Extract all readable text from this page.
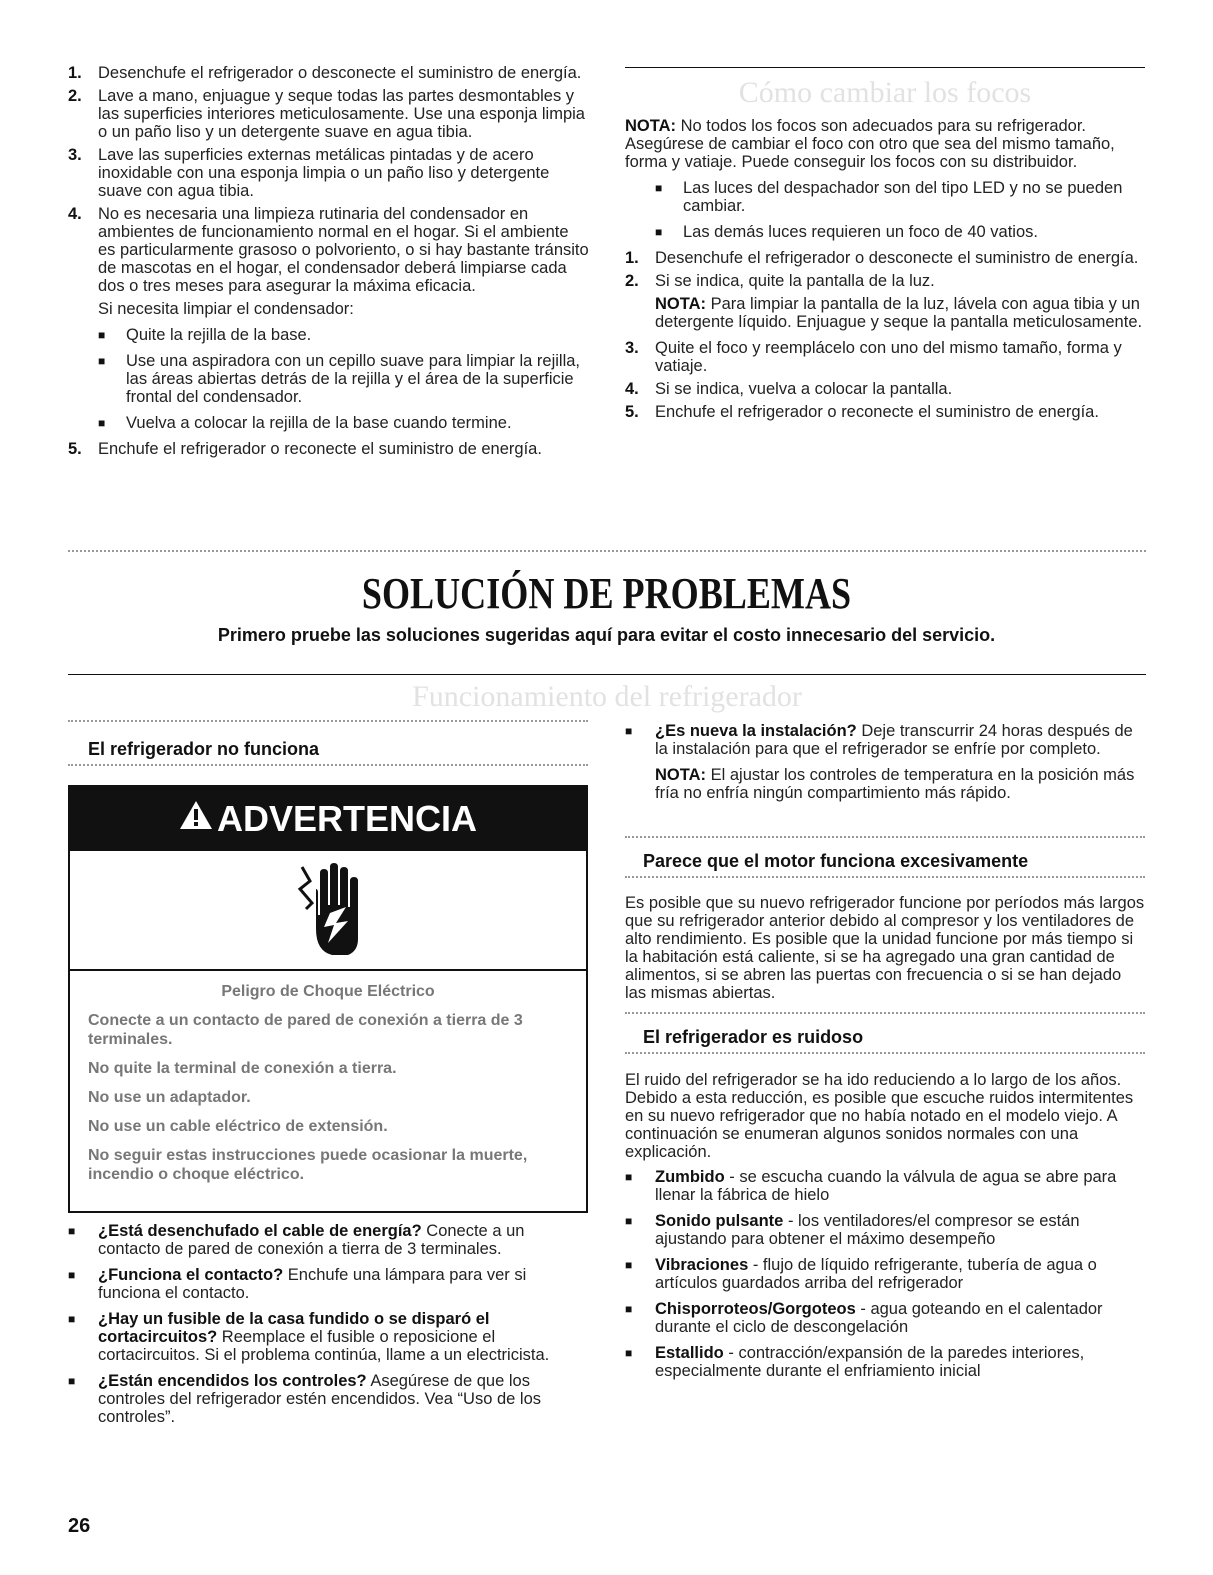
1. Desenchufe el refrigerador o desconecte el suministro de energía.

2. Lave a mano, enjuague y seque todas las partes desmontables y las superficies interiores meticulosamente. Use una esponja limpia o un paño liso y un detergente suave en agua tibia.

3. Lave las superficies externas metálicas pintadas y de acero inoxidable con una esponja limpia o un paño liso y detergente suave con agua tibia.

4. No es necesaria una limpieza rutinaria del condensador en ambientes de funcionamiento normal en el hogar. Si el ambiente es particularmente grasoso o polvoriento, o si hay bastante tránsito de mascotas en el hogar, el condensador deberá limpiarse cada dos o tres meses para asegurar la máxima eficacia.

Si necesita limpiar el condensador:

■ Quite la rejilla de la base.

■ Use una aspiradora con un cepillo suave para limpiar la rejilla, las áreas abiertas detrás de la rejilla y el área de la superficie frontal del condensador.

■ Vuelva a colocar la rejilla de la base cuando termine.

5. Enchufe el refrigerador o reconecte el suministro de energía.

Cómo cambiar los focos

NOTA: No todos los focos son adecuados para su refrigerador. Asegúrese de cambiar el foco con otro que sea del mismo tamaño, forma y vatiaje. Puede conseguir los focos con su distribuidor.

■ Las luces del despachador son del tipo LED y no se pueden cambiar.

■ Las demás luces requieren un foco de 40 vatios.

1. Desenchufe el refrigerador o desconecte el suministro de energía.

2. Si se indica, quite la pantalla de la luz.

NOTA: Para limpiar la pantalla de la luz, lávela con agua tibia y un detergente líquido. Enjuague y seque la pantalla meticulosamente.

3. Quite el foco y reemplácelo con uno del mismo tamaño, forma y vatiaje.

4. Si se indica, vuelva a colocar la pantalla.

5. Enchufe el refrigerador o reconecte el suministro de energía.

SOLUCIÓN DE PROBLEMAS
Primero pruebe las soluciones sugeridas aquí para evitar el costo innecesario del servicio.
Funcionamiento del refrigerador
El refrigerador no funciona
ADVERTENCIA

Peligro de Choque Eléctrico

Conecte a un contacto de pared de conexión a tierra de 3 terminales.

No quite la terminal de conexión a tierra.

No use un adaptador.

No use un cable eléctrico de extensión.

No seguir estas instrucciones puede ocasionar la muerte, incendio o choque eléctrico.

■ ¿Está desenchufado el cable de energía? Conecte a un contacto de pared de conexión a tierra de 3 terminales.

■ ¿Funciona el contacto? Enchufe una lámpara para ver si funciona el contacto.

■ ¿Hay un fusible de la casa fundido o se disparó el cortacircuitos? Reemplace el fusible o reposicione el cortacircuitos. Si el problema continúa, llame a un electricista.

■ ¿Están encendidos los controles? Asegúrese de que los controles del refrigerador estén encendidos. Vea “Uso de los controles”.

■ ¿Es nueva la instalación? Deje transcurrir 24 horas después de la instalación para que el refrigerador se enfríe por completo.

NOTA: El ajustar los controles de temperatura en la posición más fría no enfría ningún compartimiento más rápido.

Parece que el motor funciona excesivamente

Es posible que su nuevo refrigerador funcione por períodos más largos que su refrigerador anterior debido al compresor y los ventiladores de alto rendimiento. Es posible que la unidad funcione por más tiempo si la habitación está caliente, si se ha agregado una gran cantidad de alimentos, si se abren las puertas con frecuencia o si se han dejado las mismas abiertas.

El refrigerador es ruidoso

El ruido del refrigerador se ha ido reduciendo a lo largo de los años. Debido a esta reducción, es posible que escuche ruidos intermitentes en su nuevo refrigerador que no había notado en el modelo viejo. A continuación se enumeran algunos sonidos normales con una explicación.

■ Zumbido - se escucha cuando la válvula de agua se abre para llenar la fábrica de hielo

■ Sonido pulsante - los ventiladores/el compresor se están ajustando para obtener el máximo desempeño

■ Vibraciones - flujo de líquido refrigerante, tubería de agua o artículos guardados arriba del refrigerador

■ Chisporroteos/Gorgoteos - agua goteando en el calentador durante el ciclo de descongelación

■ Estallido - contracción/expansión de la paredes interiores, especialmente durante el enfriamiento inicial

26
